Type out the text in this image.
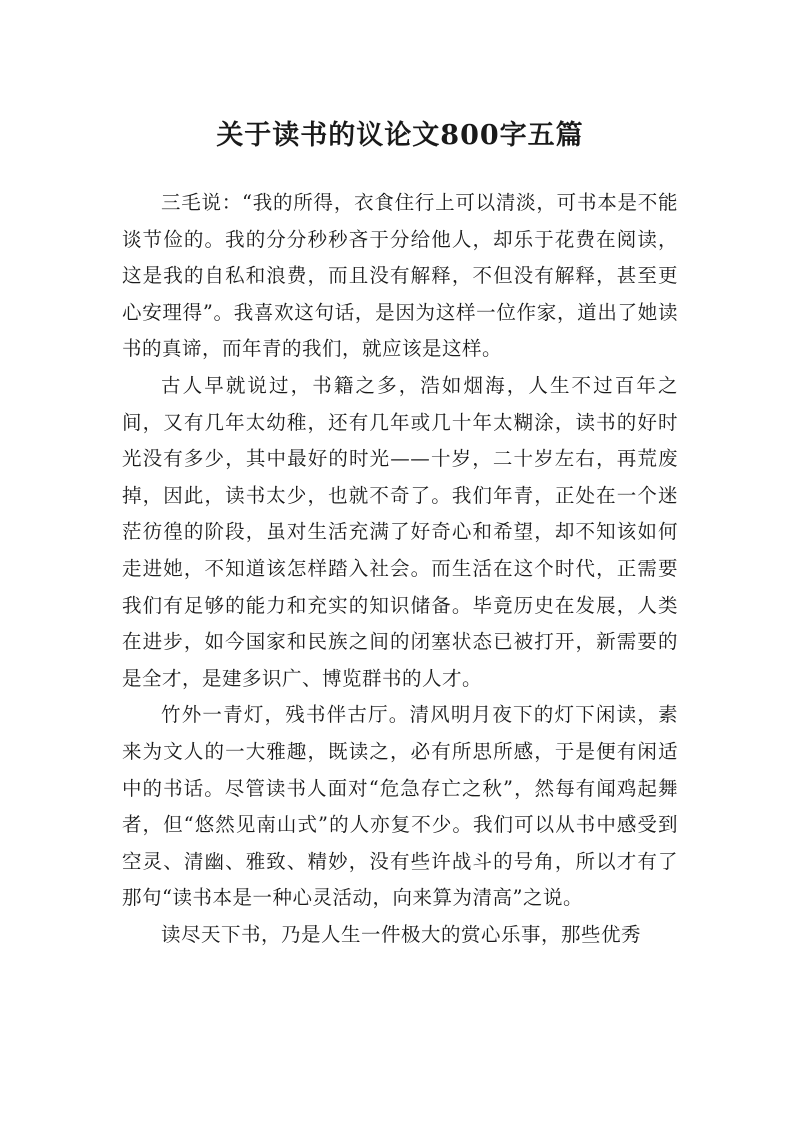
关于读书的议论文800字五篇

三毛说：“我的所得，衣食住行上可以清淡，可书本是不能谈节俭的。我的分分秒秒吝于分给他人，却乐于花费在阅读，这是我的自私和浪费，而且没有解释，不但没有解释，甚至更心安理得”。我喜欢这句话，是因为这样一位作家，道出了她读书的真谛，而年青的我们，就应该是这样。

古人早就说过，书籍之多，浩如烟海，人生不过百年之间，又有几年太幼稚，还有几年或几十年太糊涂，读书的好时光没有多少，其中最好的时光——十岁，二十岁左右，再荒废掉，因此，读书太少，也就不奇了。我们年青，正处在一个迷茫彷徨的阶段，虽对生活充满了好奇心和希望，却不知该如何走进她，不知道该怎样踏入社会。而生活在这个时代，正需要我们有足够的能力和充实的知识储备。毕竟历史在发展，人类在进步，如今国家和民族之间的闭塞状态已被打开，新需要的是全才，是建多识广、博览群书的人才。

竹外一青灯，残书伴古厅。清风明月夜下的灯下闲读，素来为文人的一大雅趣，既读之，必有所思所感，于是便有闲适中的书话。尽管读书人面对“危急存亡之秋”，然每有闻鸡起舞者，但“悠然见南山式”的人亦复不少。我们可以从书中感受到空灵、清幽、雅致、精妙，没有些许战斗的号角，所以才有了那句“读书本是一种心灵活动，向来算为清高”之说。

读尽天下书，乃是人生一件极大的赏心乐事，那些优秀
